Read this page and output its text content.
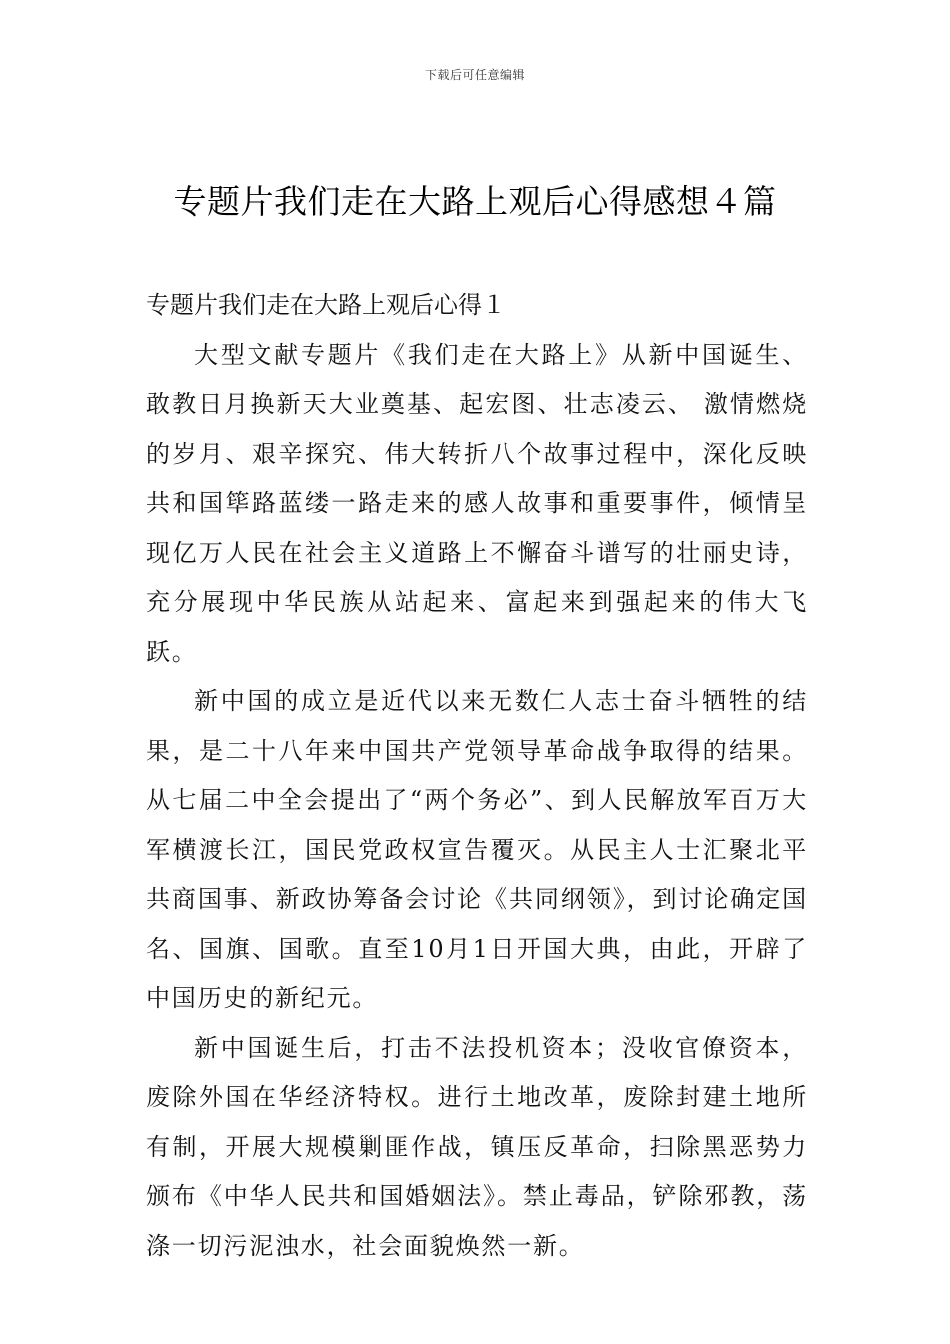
下载后可任意编辑
专题片我们走在大路上观后心得感想４篇

专题片我们走在大路上观后心得１

大型文献专题片《我们走在大路上》从新中国诞生、敢教日月换新天大业奠基、起宏图、壮志凌云、 激情燃烧的岁月、艰辛探究、伟大转折八个故事过程中，深化反映共和国筚路蓝缕一路走来的感人故事和重要事件，倾情呈现亿万人民在社会主义道路上不懈奋斗谱写的壮丽史诗，充分展现中华民族从站起来、富起来到强起来的伟大飞跃。

新中国的成立是近代以来无数仁人志士奋斗牺牲的结果，是二十八年来中国共产党领导革命战争取得的结果。从七届二中全会提出了“两个务必”、到人民解放军百万大军横渡长江，国民党政权宣告覆灭。从民主人士汇聚北平共商国事、新政协筹备会讨论《共同纲领》，到讨论确定国名、国旗、国歌。直至10月1日开国大典，由此，开辟了中国历史的新纪元。

新中国诞生后，打击不法投机资本；没收官僚资本，废除外国在华经济特权。进行土地改革，废除封建土地所有制，开展大规模剿匪作战，镇压反革命，扫除黑恶势力颁布《中华人民共和国婚姻法》。禁止毒品，铲除邪教，荡涤一切污泥浊水，社会面貌焕然一新。
